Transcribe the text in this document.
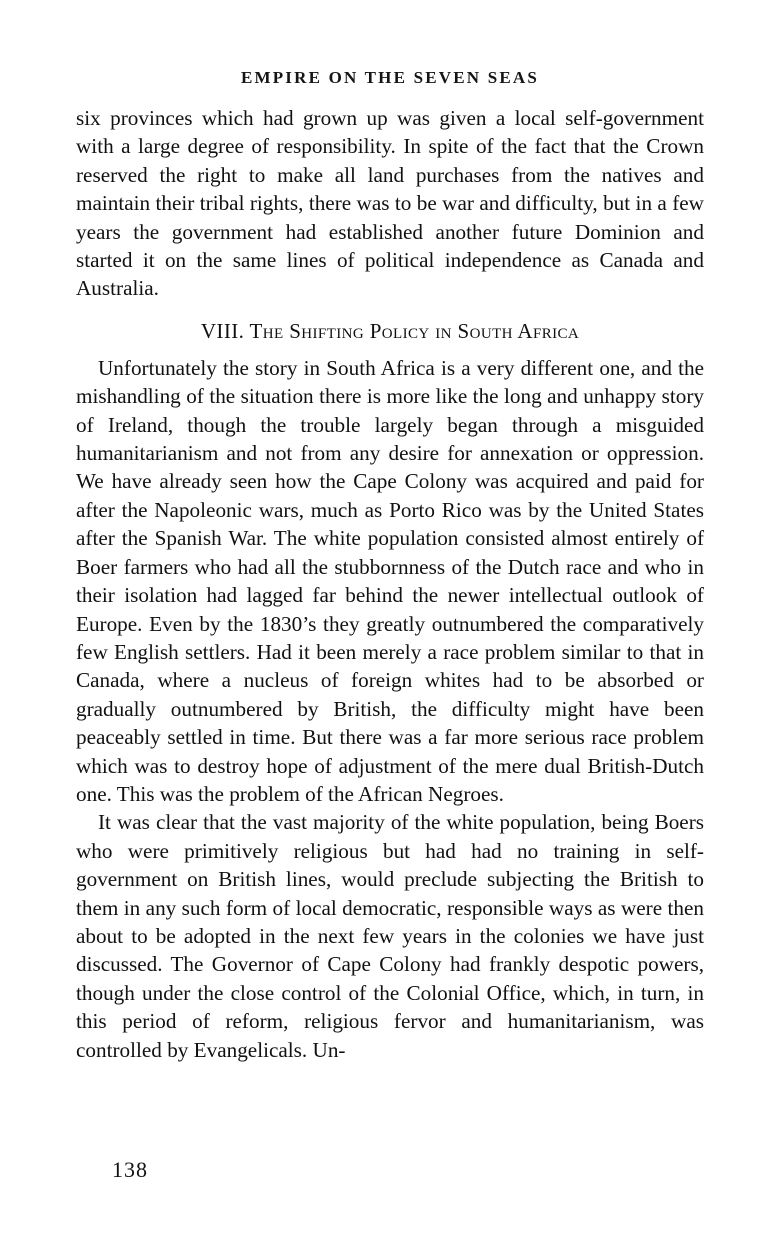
EMPIRE ON THE SEVEN SEAS

six provinces which had grown up was given a local self-government with a large degree of responsibility. In spite of the fact that the Crown reserved the right to make all land purchases from the natives and maintain their tribal rights, there was to be war and difficulty, but in a few years the government had established another future Dominion and started it on the same lines of political independence as Canada and Australia.

VIII. The Shifting Policy in South Africa

Unfortunately the story in South Africa is a very different one, and the mishandling of the situation there is more like the long and unhappy story of Ireland, though the trouble largely began through a misguided humanitarianism and not from any desire for annexation or oppression. We have already seen how the Cape Colony was acquired and paid for after the Napoleonic wars, much as Porto Rico was by the United States after the Spanish War. The white population consisted almost entirely of Boer farmers who had all the stubbornness of the Dutch race and who in their isolation had lagged far behind the newer intellectual outlook of Europe. Even by the 1830’s they greatly outnumbered the comparatively few English settlers. Had it been merely a race problem similar to that in Canada, where a nucleus of foreign whites had to be absorbed or gradually outnumbered by British, the difficulty might have been peaceably settled in time. But there was a far more serious race problem which was to destroy hope of adjustment of the mere dual British-Dutch one. This was the problem of the African Negroes.

It was clear that the vast majority of the white population, being Boers who were primitively religious but had had no training in self-government on British lines, would preclude subjecting the British to them in any such form of local democratic, responsible ways as were then about to be adopted in the next few years in the colonies we have just discussed. The Governor of Cape Colony had frankly despotic powers, though under the close control of the Colonial Office, which, in turn, in this period of reform, religious fervor and humanitarianism, was controlled by Evangelicals. Un-

138
